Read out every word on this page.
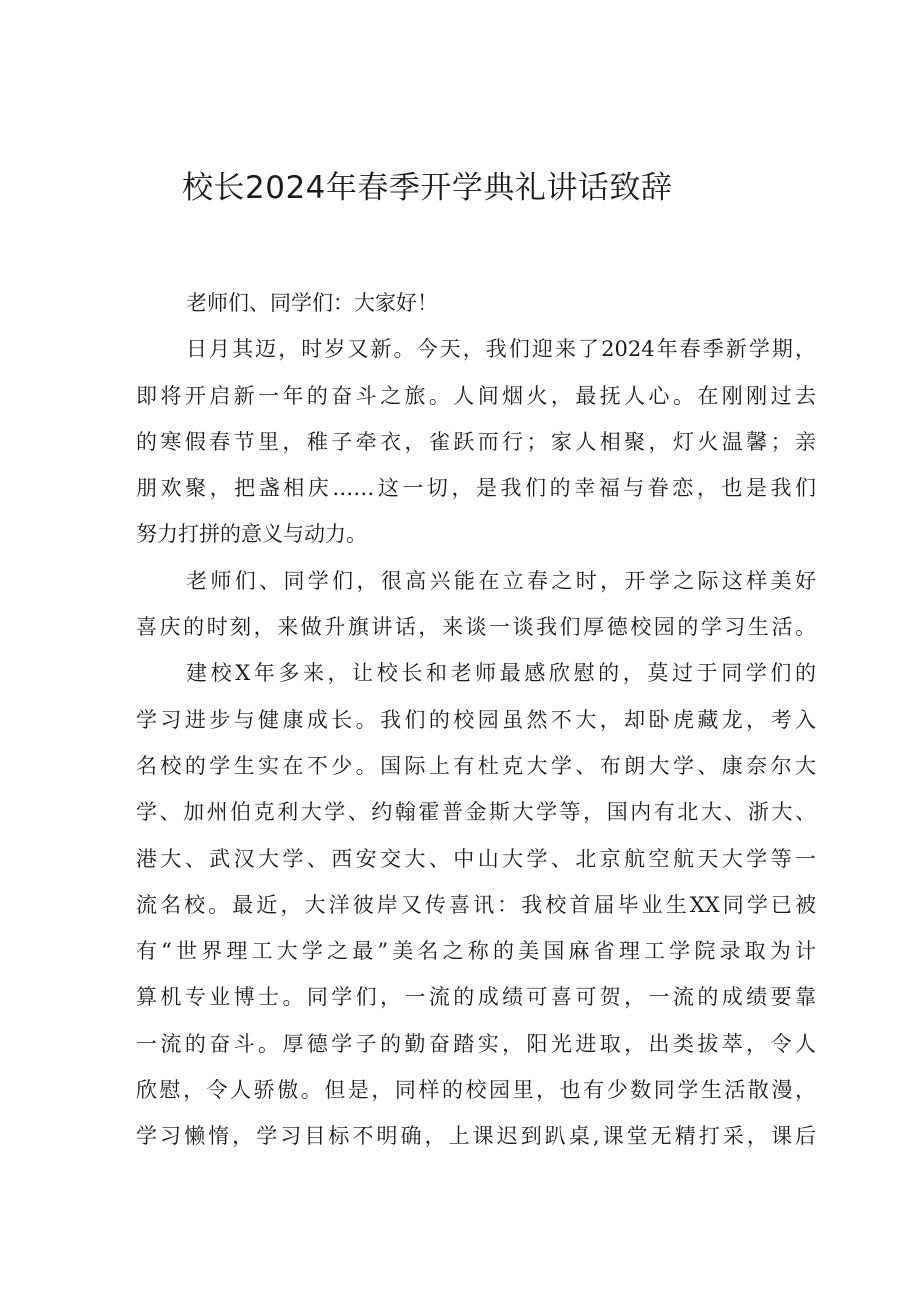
校长2024年春季开学典礼讲话致辞
老师们、同学们：大家好！
日月其迈，时岁又新。今天，我们迎来了2024年春季新学期，
即将开启新一年的奋斗之旅。人间烟火，最抚人心。在刚刚过去
的寒假春节里，稚子牵衣，雀跃而行；家人相聚，灯火温馨；亲
朋欢聚，把盏相庆……这一切，是我们的幸福与眷恋，也是我们
努力打拼的意义与动力。
老师们、同学们，很高兴能在立春之时，开学之际这样美好
喜庆的时刻，来做升旗讲话，来谈一谈我们厚德校园的学习生活。
建校X年多来，让校长和老师最感欣慰的，莫过于同学们的
学习进步与健康成长。我们的校园虽然不大，却卧虎藏龙，考入
名校的学生实在不少。国际上有杜克大学、布朗大学、康奈尔大
学、加州伯克利大学、约翰霍普金斯大学等，国内有北大、浙大、
港大、武汉大学、西安交大、中山大学、北京航空航天大学等一
流名校。最近，大洋彼岸又传喜讯：我校首届毕业生XX同学已被
有“世界理工大学之最”美名之称的美国麻省理工学院录取为计
算机专业博士。同学们，一流的成绩可喜可贺，一流的成绩要靠
一流的奋斗。厚德学子的勤奋踏实，阳光进取，出类拔萃，令人
欣慰，令人骄傲。但是，同样的校园里，也有少数同学生活散漫，
学习懒惰，学习目标不明确，上课迟到趴桌,课堂无精打采，课后
